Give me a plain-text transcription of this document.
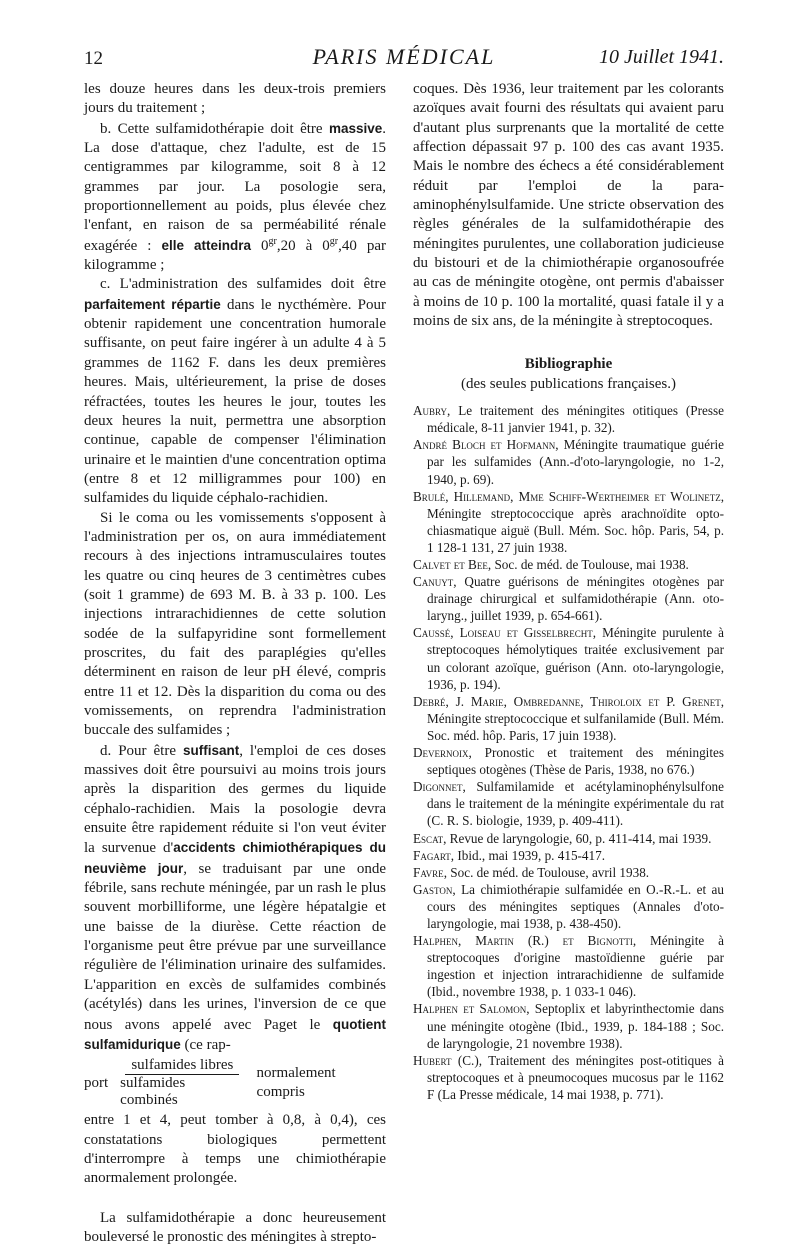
12	PARIS MÉDICAL	10 Juillet 1941.

les douze heures dans les deux-trois premiers jours du traitement ;

b. Cette sulfamidothérapie doit être massive. La dose d'attaque, chez l'adulte, est de 15 centigrammes par kilogramme, soit 8 à 12 grammes par jour. La posologie sera, proportionnellement au poids, plus élevée chez l'enfant, en raison de sa perméabilité rénale exagérée : elle atteindra $0^{gr},20$ à $0^{gr},40$ par kilogramme ;

c. L'administration des sulfamides doit être parfaitement répartie dans le nycthémère. Pour obtenir rapidement une concentration humorale suffisante, on peut faire ingérer à un adulte 4 à 5 grammes de 1162 F. dans les deux premières heures. Mais, ultérieurement, la prise de doses réfractées, toutes les heures le jour, toutes les deux heures la nuit, permettra une absorption continue, capable de compenser l'élimination urinaire et le maintien d'une concentration optima (entre 8 et 12 milligrammes pour 100) en sulfamides du liquide céphalo-rachidien.

Si le coma ou les vomissements s'opposent à l'administration per os, on aura immédiatement recours à des injections intramusculaires toutes les quatre ou cinq heures de 3 centimètres cubes (soit 1 gramme) de 693 M. B. à 33 p. 100. Les injections intrarachidiennes de cette solution sodée de la sulfapyridine sont formellement proscrites, du fait des paraplégies qu'elles déterminent en raison de leur pH élevé, compris entre 11 et 12. Dès la disparition du coma ou des vomissements, on reprendra l'administration buccale des sulfamides ;

d. Pour être suffisant, l'emploi de ces doses massives doit être poursuivi au moins trois jours après la disparition des germes du liquide céphalo-rachidien. Mais la posologie devra ensuite être rapidement réduite si l'on veut éviter la survenue d'accidents chimiothérapiques du neuvième jour, se traduisant par une onde fébrile, sans rechute méningée, par un rash le plus souvent morbilliforme, une légère hépatalgie et une baisse de la diurèse. Cette réaction de l'organisme peut être prévue par une surveillance régulière de l'élimination urinaire des sulfamides. L'apparition en excès de sulfamides combinés (acétylés) dans les urines, l'inversion de ce que nous avons appelé avec Paget le quotient sulfamidurique (ce rap-

port $\frac{\text{sulfamides libres}}{\text{sulfamides combinés}}$ normalement compris

entre 1 et 4, peut tomber à 0,8, à 0,4), ces constatations biologiques permettent d'interrompre à temps une chimiothérapie anormalement prolongée.

La sulfamidothérapie a donc heureusement bouleversé le pronostic des méningites à strepto-

coques. Dès 1936, leur traitement par les colorants azoïques avait fourni des résultats qui avaient paru d'autant plus surprenants que la mortalité de cette affection dépassait 97 p. 100 des cas avant 1935. Mais le nombre des échecs a été considérablement réduit par l'emploi de la para-aminophénylsulfamide. Une stricte observation des règles générales de la sulfamidothérapie des méningites purulentes, une collaboration judicieuse du bistouri et de la chimiothérapie organosoufrée au cas de méningite otogène, ont permis d'abaisser à moins de 10 p. 100 la mortalité, quasi fatale il y a moins de six ans, de la méningite à streptocoques.

Bibliographie
(des seules publications françaises.)

Aubry, Le traitement des méningites otitiques (Presse médicale, 8-11 janvier 1941, p. 32).

André Bloch et Hofmann, Méningite traumatique guérie par les sulfamides (Ann.-d'oto-laryngologie, no 1-2, 1940, p. 69).

Brulé, Hillemand, Mme Schiff-Wertheimer et Wolinetz, Méningite streptococcique après arachnoïdite opto-chiasmatique aiguë (Bull. Mém. Soc. hôp. Paris, 54, p. 1 128-1 131, 27 juin 1938.

Calvet et Bee, Soc. de méd. de Toulouse, mai 1938.

Canuyt, Quatre guérisons de méningites otogènes par drainage chirurgical et sulfamidothérapie (Ann. oto-laryng., juillet 1939, p. 654-661).

Caussé, Loiseau et Gisselbrecht, Méningite purulente à streptocoques hémolytiques traitée exclusivement par un colorant azoïque, guérison (Ann. oto-laryngologie, 1936, p. 194).

Debré, J. Marie, Ombredanne, Thiroloix et P. Grenet, Méningite streptococcique et sulfanilamide (Bull. Mém. Soc. méd. hôp. Paris, 17 juin 1938).

Devernoix, Pronostic et traitement des méningites septiques otogènes (Thèse de Paris, 1938, no 676.)

Digonnet, Sulfamilamide et acétylaminophénylsulfone dans le traitement de la méningite expérimentale du rat (C. R. S. biologie, 1939, p. 409-411).

Escat, Revue de laryngologie, 60, p. 411-414, mai 1939.

Fagart, Ibid., mai 1939, p. 415-417.

Favre, Soc. de méd. de Toulouse, avril 1938.

Gaston, La chimiothérapie sulfamidée en O.-R.-L. et au cours des méningites septiques (Annales d'oto-laryngologie, mai 1938, p. 438-450).

Halphen, Martin (R.) et Bignotti, Méningite à streptocoques d'origine mastoïdienne guérie par ingestion et injection intrarachidienne de sulfamide (Ibid., novembre 1938, p. 1 033-1 046).

Halphen et Salomon, Septoplix et labyrinthectomie dans une méningite otogène (Ibid., 1939, p. 184-188 ; Soc. de laryngologie, 21 novembre 1938).

Hubert (C.), Traitement des méningites post-otitiques à streptocoques et à pneumocoques mucosus par le 1162 F (La Presse médicale, 14 mai 1938, p. 771).
